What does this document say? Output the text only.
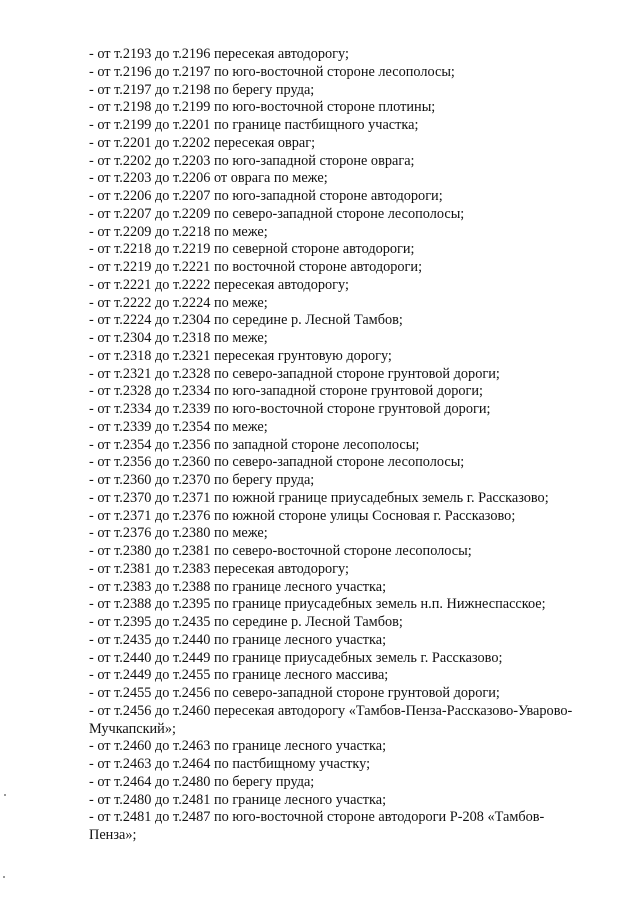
- от т.2193 до т.2196 пересекая автодорогу;
- от т.2196 до т.2197 по юго-восточной стороне лесополосы;
- от т.2197 до т.2198 по берегу пруда;
- от т.2198 до т.2199 по юго-восточной стороне плотины;
- от т.2199 до т.2201 по границе пастбищного участка;
- от т.2201 до т.2202 пересекая овраг;
- от т.2202 до т.2203 по юго-западной стороне оврага;
- от т.2203 до т.2206 от оврага по меже;
- от т.2206 до т.2207 по юго-западной стороне автодороги;
- от т.2207 до т.2209 по северо-западной стороне лесополосы;
- от т.2209 до т.2218 по меже;
- от т.2218 до т.2219 по северной стороне автодороги;
- от т.2219 до т.2221 по восточной стороне автодороги;
- от т.2221 до т.2222 пересекая автодорогу;
- от т.2222 до т.2224 по меже;
- от т.2224 до т.2304 по середине р. Лесной Тамбов;
- от т.2304 до т.2318 по меже;
- от т.2318 до т.2321 пересекая грунтовую дорогу;
- от т.2321 до т.2328 по северо-западной стороне грунтовой дороги;
- от т.2328 до т.2334 по юго-западной стороне грунтовой дороги;
- от т.2334 до т.2339 по юго-восточной стороне грунтовой дороги;
- от т.2339 до т.2354 по меже;
- от т.2354 до т.2356 по западной стороне лесополосы;
- от т.2356 до т.2360 по северо-западной стороне лесополосы;
- от т.2360 до т.2370 по берегу пруда;
- от т.2370 до т.2371 по южной границе приусадебных земель г. Рассказово;
- от т.2371 до т.2376 по южной стороне улицы Сосновая г. Рассказово;
- от т.2376 до т.2380 по меже;
- от т.2380 до т.2381 по северо-восточной стороне лесополосы;
- от т.2381 до т.2383 пересекая автодорогу;
- от т.2383 до т.2388 по границе лесного участка;
- от т.2388 до т.2395 по границе приусадебных земель н.п. Нижнеспасское;
- от т.2395 до т.2435 по середине р. Лесной Тамбов;
- от т.2435 до т.2440 по границе лесного участка;
- от т.2440 до т.2449 по границе приусадебных земель г. Рассказово;
- от т.2449 до т.2455 по границе лесного массива;
- от т.2455 до т.2456 по северо-западной стороне грунтовой дороги;
- от т.2456 до т.2460 пересекая автодорогу «Тамбов-Пенза-Рассказово-Уварово-
Мучкапский»;
- от т.2460 до т.2463 по границе лесного участка;
- от т.2463 до т.2464 по пастбищному участку;
- от т.2464 до т.2480 по берегу пруда;
- от т.2480 до т.2481 по границе лесного участка;
- от т.2481 до т.2487 по юго-восточной стороне автодороги Р-208 «Тамбов-
Пенза»;
